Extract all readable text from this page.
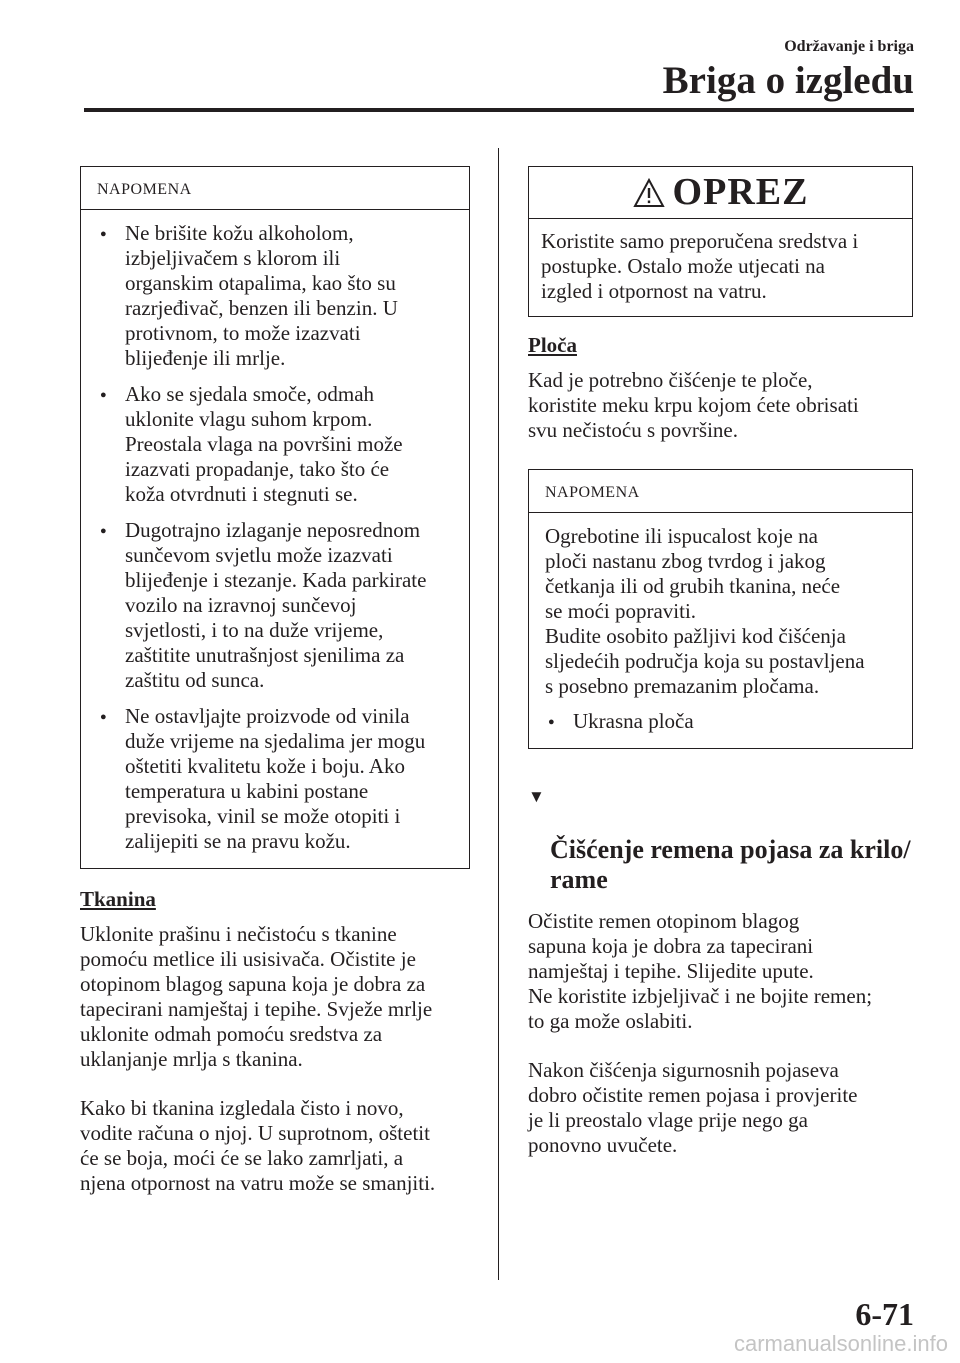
Održavanje i briga
Briga o izgledu
NAPOMENA
● Ne brišite kožu alkoholom,
izbjeljivačem s klorom ili
organskim otapalima, kao što su
razrjeđivač, benzen ili benzin. U
protivnom, to može izazvati
blijeđenje ili mrlje.
● Ako se sjedala smoče, odmah
uklonite vlagu suhom krpom.
Preostala vlaga na površini može
izazvati propadanje, tako što će
koža otvrdnuti i stegnuti se.
● Dugotrajno izlaganje neposrednom
sunčevom svjetlu može izazvati
blijeđenje i stezanje. Kada parkirate
vozilo na izravnoj sunčevoj
svjetlosti, i to na duže vrijeme,
zaštitite unutrašnjost sjenilima za
zaštitu od sunca.
● Ne ostavljajte proizvode od vinila
duže vrijeme na sjedalima jer mogu
oštetiti kvalitetu kože i boju. Ako
temperatura u kabini postane
previsoka, vinil se može otopiti i
zalijepiti se na pravu kožu.
Tkanina

Uklonite prašinu i nečistoću s tkanine
pomoću metlice ili usisivača. Očistite je
otopinom blagog sapuna koja je dobra za
tapecirani namještaj i tepihe. Svježe mrlje
uklonite odmah pomoću sredstva za
uklanjanje mrlja s tkanina.

Kako bi tkanina izgledala čisto i novo,
vodite računa o njoj. U suprotnom, oštetit
će se boja, moći će se lako zamrljati, a
njena otpornost na vatru može se smanjiti.

OPREZ
Koristite samo preporučena sredstva i
postupke. Ostalo može utjecati na
izgled i otpornost na vatru.
Ploča

Kad je potrebno čišćenje te ploče,
koristite meku krpu kojom ćete obrisati
svu nečistoću s površine.

NAPOMENA
Ogrebotine ili ispucalost koje na
ploči nastanu zbog tvrdog i jakog
četkanja ili od grubih tkanina, neće
se moći popraviti.
Budite osobito pažljivi kod čišćenja
sljedećih područja koja su postavljena
s posebno premazanim pločama.
● Ukrasna ploča

▼

Čišćenje remena pojasa za krilo/
rame

Očistite remen otopinom blagog
sapuna koja je dobra za tapecirani
namještaj i tepihe. Slijedite upute.
Ne koristite izbjeljivač i ne bojite remen;
to ga može oslabiti.

Nakon čišćenja sigurnosnih pojaseva
dobro očistite remen pojasa i provjerite
je li preostalo vlage prije nego ga
ponovno uvučete.

6-71
carmanualsonline.info
